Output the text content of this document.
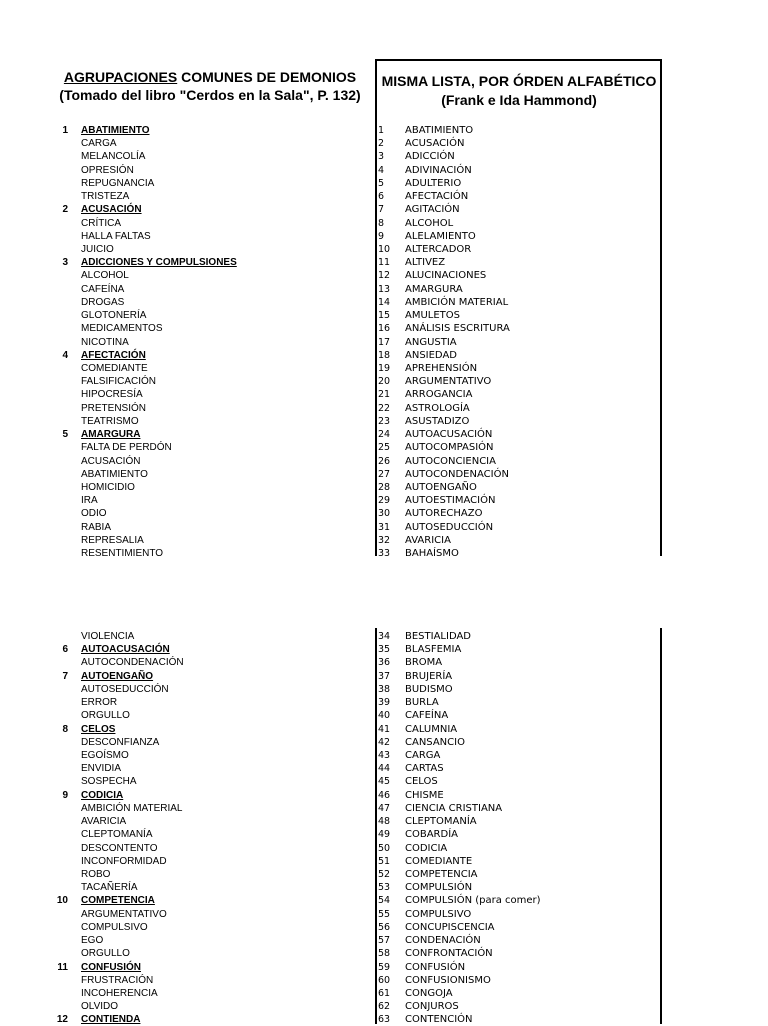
AGRUPACIONES COMUNES DE DEMONIOS
(Tomado del libro "Cerdos en la Sala", P. 132)
MISMA LISTA, POR ÓRDEN ALFABÉTICO
(Frank e Ida Hammond)
1 ABATIMIENTO
CARGA
MELANCOLÍA
OPRESIÓN
REPUGNANCIA
TRISTEZA
2 ACUSACIÓN
CRÍTICA
HALLA FALTAS
JUICIO
3 ADICCIONES Y COMPULSIONES
ALCOHOL
CAFEÍNA
DROGAS
GLOTONERÍA
MEDICAMENTOS
NICOTINA
4 AFECTACIÓN
COMEDIANTE
FALSIFICACIÓN
HIPOCRESÍA
PRETENSIÓN
TEATRISMO
5 AMARGURA
FALTA DE PERDÓN
ACUSACIÓN
ABATIMIENTO
HOMICIDIO
IRA
ODIO
RABIA
REPRESALIA
RESENTIMIENTO
VIOLENCIA
6 AUTOACUSACIÓN
AUTOCONDENACIÓN
7 AUTOENGAÑO
AUTOSEDUCCIÓN
ERROR
ORGULLO
8 CELOS
DESCONFIANZA
EGOÍSMO
ENVIDIA
SOSPECHA
9 CODICIA
AMBICIÓN MATERIAL
AVARICIA
CLEPTOMANÍA
DESCONTENTO
INCONFORMIDAD
ROBO
TACAÑERÍA
10 COMPETENCIA
ARGUMENTATIVO
COMPULSIVO
EGO
ORGULLO
11 CONFUSIÓN
FRUSTRACIÓN
INCOHERENCIA
OLVIDO
12 CONTIENDA
1	ABATIMIENTO
2	ACUSACIÓN
3	ADICCIÓN
4	ADIVINACIÓN
5	ADULTERIO
6	AFECTACIÓN
7	AGITACIÓN
8	ALCOHOL
9	ALELAMIENTO
10	ALTERCADOR
11	ALTIVEZ
12	ALUCINACIONES
13	AMARGURA
14	AMBICIÓN MATERIAL
15	AMULETOS
16	ANÁLISIS ESCRITURA
17	ANGUSTIA
18	ANSIEDAD
19	APREHENSIÓN
20	ARGUMENTATIVO
21	ARROGANCIA
22	ASTROLOGÍA
23	ASUSTADIZO
24	AUTOACUSACIÓN
25	AUTOCOMPASIÓN
26	AUTOCONCIENCIA
27	AUTOCONDENACIÓN
28	AUTOENGAÑO
29	AUTOESTIMACIÓN
30	AUTORECHAZO
31	AUTOSEDUCCIÓN
32	AVARICIA
33	BAHAÍSMO
34	BESTIALIDAD
35	BLASFEMIA
36	BROMA
37	BRUJERÍA
38	BUDISMO
39	BURLA
40	CAFEÍNA
41	CALUMNIA
42	CANSANCIO
43	CARGA
44	CARTAS
45	CELOS
46	CHISME
47	CIENCIA CRISTIANA
48	CLEPTOMANÍA
49	COBARDÍA
50	CODICIA
51	COMEDIANTE
52	COMPETENCIA
53	COMPULSIÓN
54	COMPULSIÓN (para comer)
55	COMPULSIVO
56	CONCUPISCENCIA
57	CONDENACIÓN
58	CONFRONTACIÓN
59	CONFUSIÓN
60	CONFUSIONISMO
61	CONGOJA
62	CONJUROS
63	CONTENCIÓN
